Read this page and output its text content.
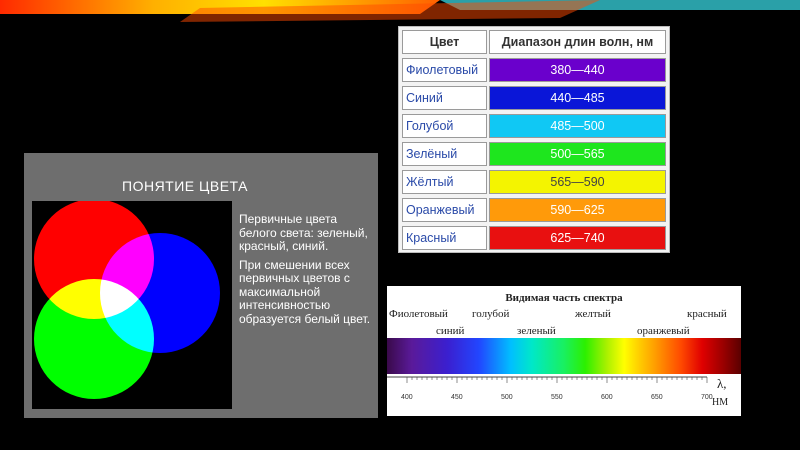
ПОНЯТИЕ ЦВЕТА

Первичные цвета белого света: зеленый, красный, синий.

При смешении всех первичных цветов с максимальной интенсивностью образуется белый цвет.

Цвет	Диапазон длин волн, нм
Фиолетовый	380—440
Синий	440—485
Голубой	485—500
Зелёный	500—565
Жёлтый	565—590
Оранжевый	590—625
Красный	625—740
Видимая часть спектра
Фиолетовый
синий
голубой
зеленый
желтый
оранжевый
красный
400	450	500	550	600	650	700
λ,
НМ
